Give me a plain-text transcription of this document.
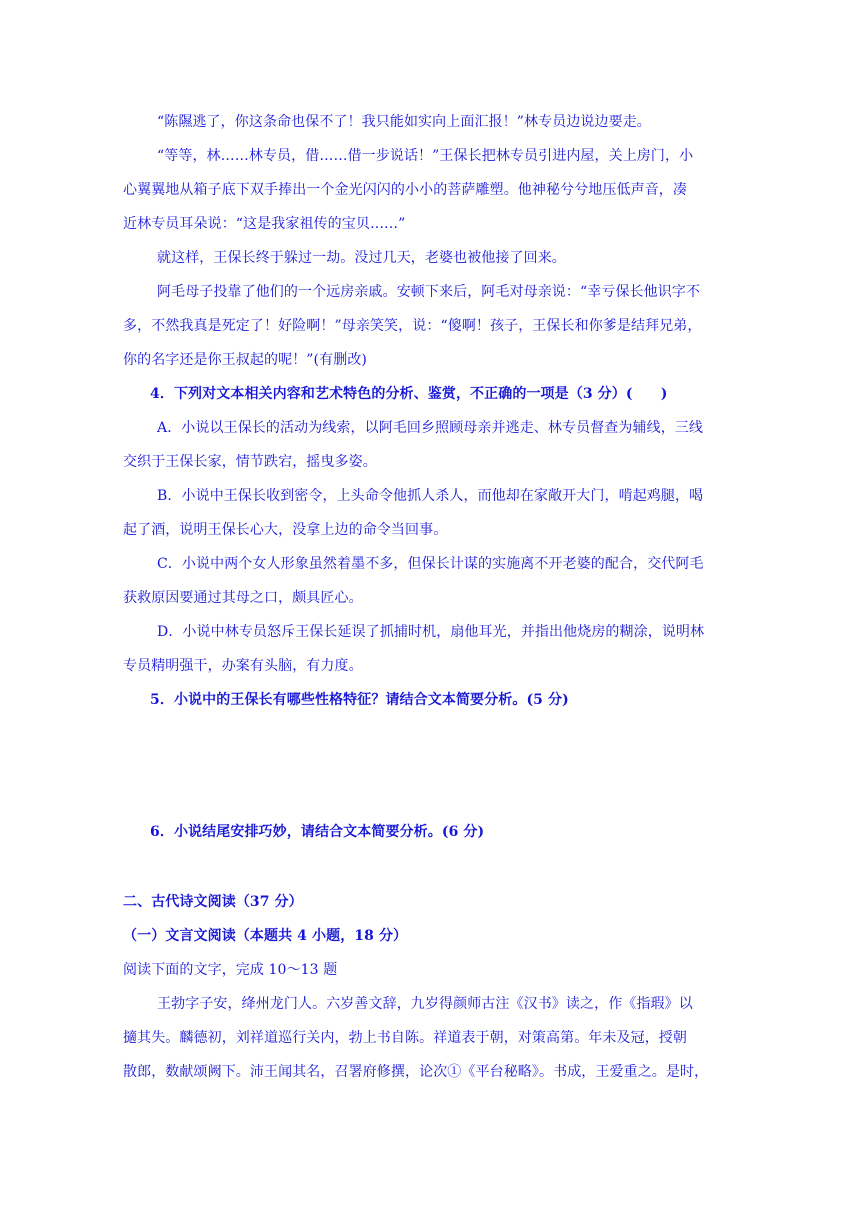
“陈隰逃了，你这条命也保不了！我只能如实向上面汇报！”林专员边说边要走。
“等等，林……林专员，借……借一步说话！”王保长把林专员引进内屋，关上房门，小
心翼翼地从箱子底下双手捧出一个金光闪闪的小小的菩萨雕塑。他神秘兮兮地压低声音，凑
近林专员耳朵说：“这是我家祖传的宝贝……”
就这样，王保长终于躲过一劫。没过几天，老婆也被他接了回来。
阿毛母子投靠了他们的一个远房亲戚。安顿下来后，阿毛对母亲说：“幸亏保长他识字不
多，不然我真是死定了！好险啊！”母亲笑笑，说：“傻啊！孩子，王保长和你爹是结拜兄弟，
你的名字还是你王叔起的呢！”(有删改)
4．下列对文本相关内容和艺术特色的分析、鉴赏，不正确的一项是（3 分）(　　)
A．小说以王保长的活动为线索，以阿毛回乡照顾母亲并逃走、林专员督查为辅线，三线
交织于王保长家，情节跌宕，摇曳多姿。
B．小说中王保长收到密令，上头命令他抓人杀人，而他却在家敞开大门，啃起鸡腿，喝
起了酒，说明王保长心大，没拿上边的命令当回事。
C．小说中两个女人形象虽然着墨不多，但保长计谋的实施离不开老婆的配合，交代阿毛
获救原因要通过其母之口，颇具匠心。
D．小说中林专员怒斥王保长延误了抓捕时机，扇他耳光，并指出他烧房的糊涂，说明林
专员精明强干，办案有头脑，有力度。
5．小说中的王保长有哪些性格特征？请结合文本简要分析。(5 分)
6．小说结尾安排巧妙，请结合文本简要分析。(6 分)
二、古代诗文阅读（37 分）
（一）文言文阅读（本题共 4 小题，18 分）
阅读下面的文字，完成 10～13 题
王勃字子安，绛州龙门人。六岁善文辞，九岁得颜师古注《汉书》读之，作《指瑕》以
擿其失。麟德初，刘祥道巡行关内，勃上书自陈。祥道表于朝，对策高第。年未及冠，授朝
散郎，数献颂阙下。沛王闻其名，召署府修撰，论次①《平台秘略》。书成，王爱重之。是时，
